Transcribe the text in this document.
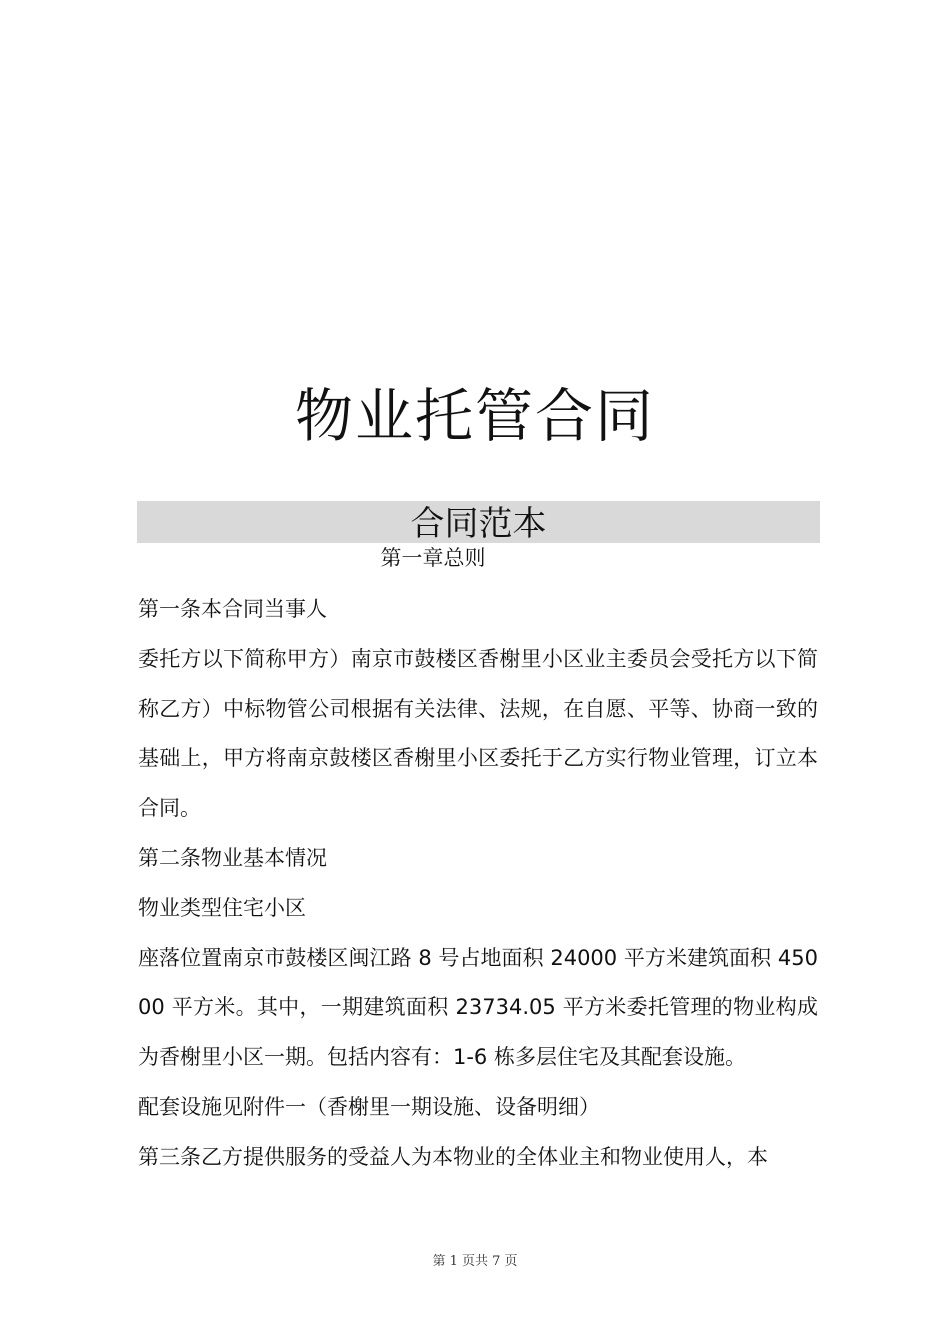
物业托管合同
合同范本
第一章总则

第一条本合同当事人

委托方以下简称甲方）南京市鼓楼区香榭里小区业主委员会受托方以下简称乙方）中标物管公司根据有关法律、法规，在自愿、平等、协商一致的基础上，甲方将南京鼓楼区香榭里小区委托于乙方实行物业管理，订立本合同。

第二条物业基本情况

物业类型住宅小区

座落位置南京市鼓楼区闽江路 8 号占地面积 24000 平方米建筑面积 45000 平方米。其中，一期建筑面积 23734.05 平方米委托管理的物业构成为香榭里小区一期。包括内容有：1-6 栋多层住宅及其配套设施。

配套设施见附件一（香榭里一期设施、设备明细）

第三条乙方提供服务的受益人为本物业的全体业主和物业使用人，本

第 1 页共 7 页
